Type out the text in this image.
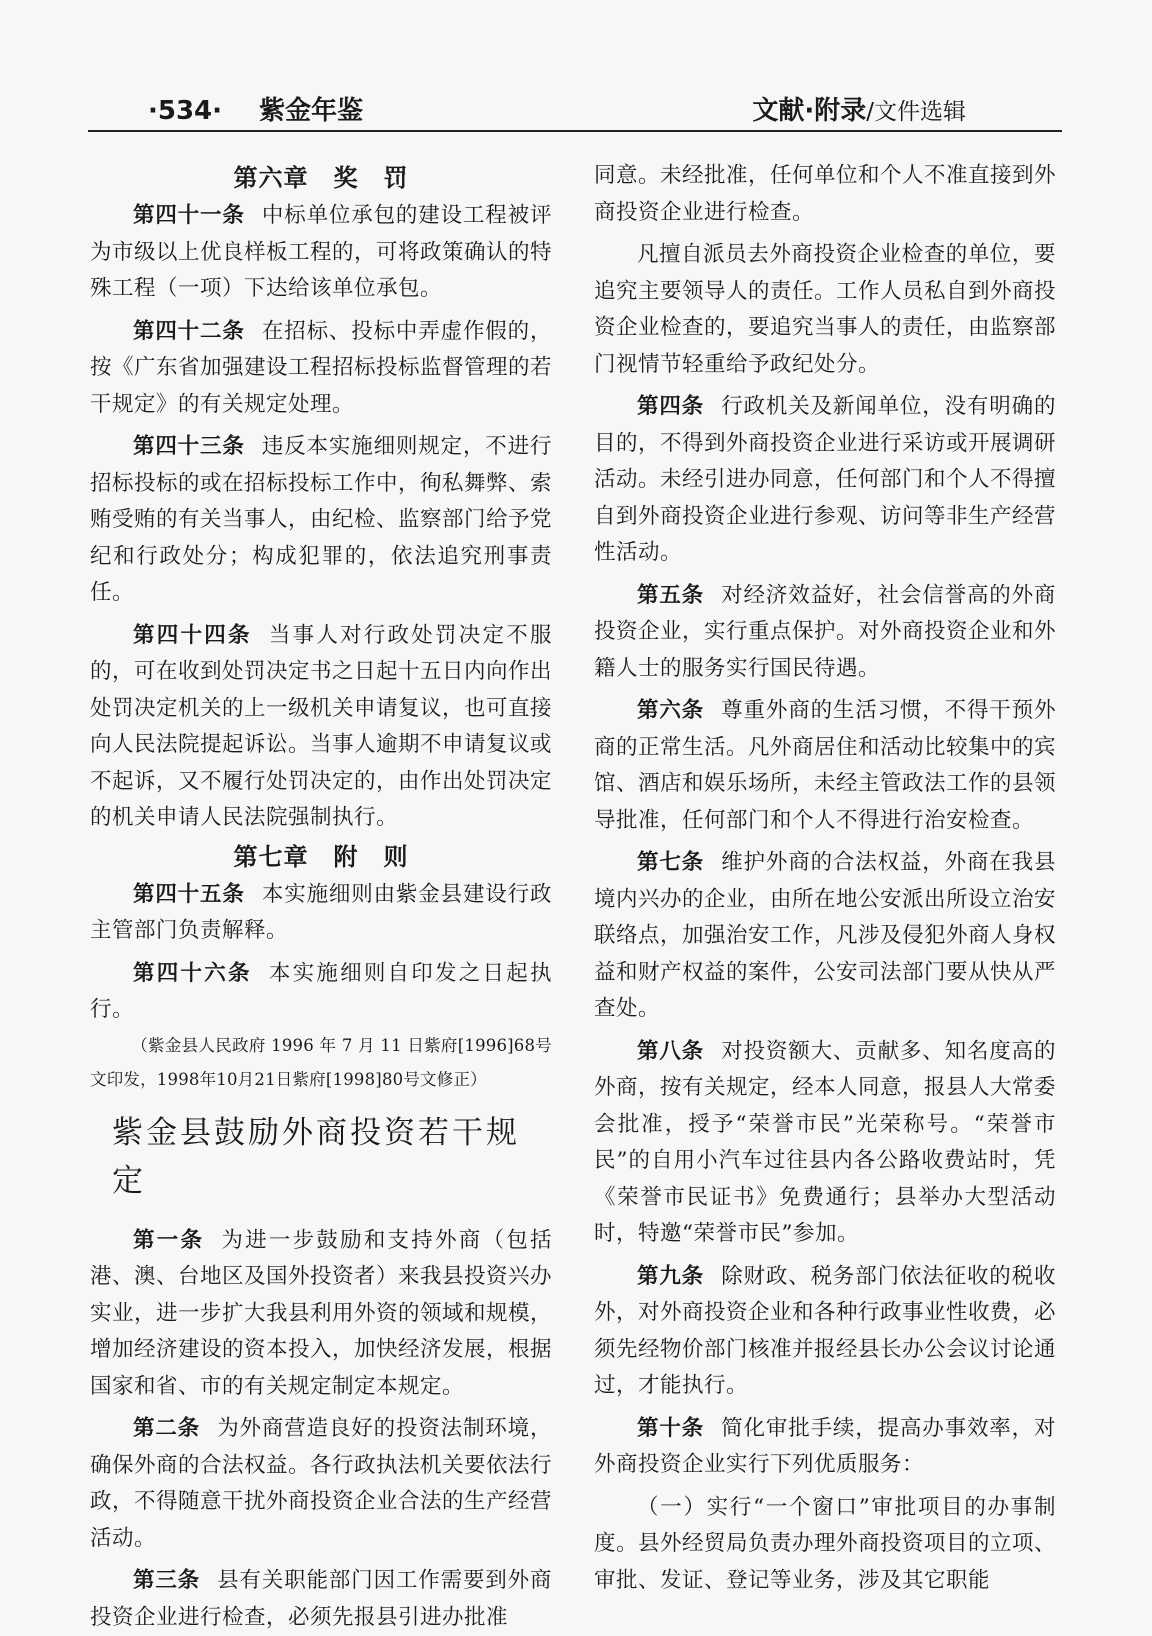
·534· 紫金年鉴	文献·附录/文件选辑
第六章　奖　罚

第四十一条 中标单位承包的建设工程被评为市级以上优良样板工程的，可将政策确认的特殊工程（一项）下达给该单位承包。

第四十二条 在招标、投标中弄虚作假的，按《广东省加强建设工程招标投标监督管理的若干规定》的有关规定处理。

第四十三条 违反本实施细则规定，不进行招标投标的或在招标投标工作中，徇私舞弊、索贿受贿的有关当事人，由纪检、监察部门给予党纪和行政处分；构成犯罪的，依法追究刑事责任。

第四十四条 当事人对行政处罚决定不服的，可在收到处罚决定书之日起十五日内向作出处罚决定机关的上一级机关申请复议，也可直接向人民法院提起诉讼。当事人逾期不申请复议或不起诉，又不履行处罚决定的，由作出处罚决定的机关申请人民法院强制执行。

第七章　附　则

第四十五条 本实施细则由紫金县建设行政主管部门负责解释。

第四十六条 本实施细则自印发之日起执行。

（紫金县人民政府 1996 年 7 月 11 日紫府[1996]68号文印发，1998年10月21日紫府[1998]80号文修正）

紫金县鼓励外商投资若干规定

第一条 为进一步鼓励和支持外商（包括港、澳、台地区及国外投资者）来我县投资兴办实业，进一步扩大我县利用外资的领域和规模，增加经济建设的资本投入，加快经济发展，根据国家和省、市的有关规定制定本规定。

第二条 为外商营造良好的投资法制环境，确保外商的合法权益。各行政执法机关要依法行政，不得随意干扰外商投资企业合法的生产经营活动。

第三条 县有关职能部门因工作需要到外商投资企业进行检查，必须先报县引进办批准

同意。未经批准，任何单位和个人不准直接到外商投资企业进行检查。

凡擅自派员去外商投资企业检查的单位，要追究主要领导人的责任。工作人员私自到外商投资企业检查的，要追究当事人的责任，由监察部门视情节轻重给予政纪处分。

第四条 行政机关及新闻单位，没有明确的目的，不得到外商投资企业进行采访或开展调研活动。未经引进办同意，任何部门和个人不得擅自到外商投资企业进行参观、访问等非生产经营性活动。

第五条 对经济效益好，社会信誉高的外商投资企业，实行重点保护。对外商投资企业和外籍人士的服务实行国民待遇。

第六条 尊重外商的生活习惯，不得干预外商的正常生活。凡外商居住和活动比较集中的宾馆、酒店和娱乐场所，未经主管政法工作的县领导批准，任何部门和个人不得进行治安检查。

第七条 维护外商的合法权益，外商在我县境内兴办的企业，由所在地公安派出所设立治安联络点，加强治安工作，凡涉及侵犯外商人身权益和财产权益的案件，公安司法部门要从快从严查处。

第八条 对投资额大、贡献多、知名度高的外商，按有关规定，经本人同意，报县人大常委会批准，授予“荣誉市民”光荣称号。“荣誉市民”的自用小汽车过往县内各公路收费站时，凭《荣誉市民证书》免费通行；县举办大型活动时，特邀“荣誉市民”参加。

第九条 除财政、税务部门依法征收的税收外，对外商投资企业和各种行政事业性收费，必须先经物价部门核准并报经县长办公会议讨论通过，才能执行。

第十条 简化审批手续，提高办事效率，对外商投资企业实行下列优质服务：

（一）实行“一个窗口”审批项目的办事制度。县外经贸局负责办理外商投资项目的立项、审批、发证、登记等业务，涉及其它职能
